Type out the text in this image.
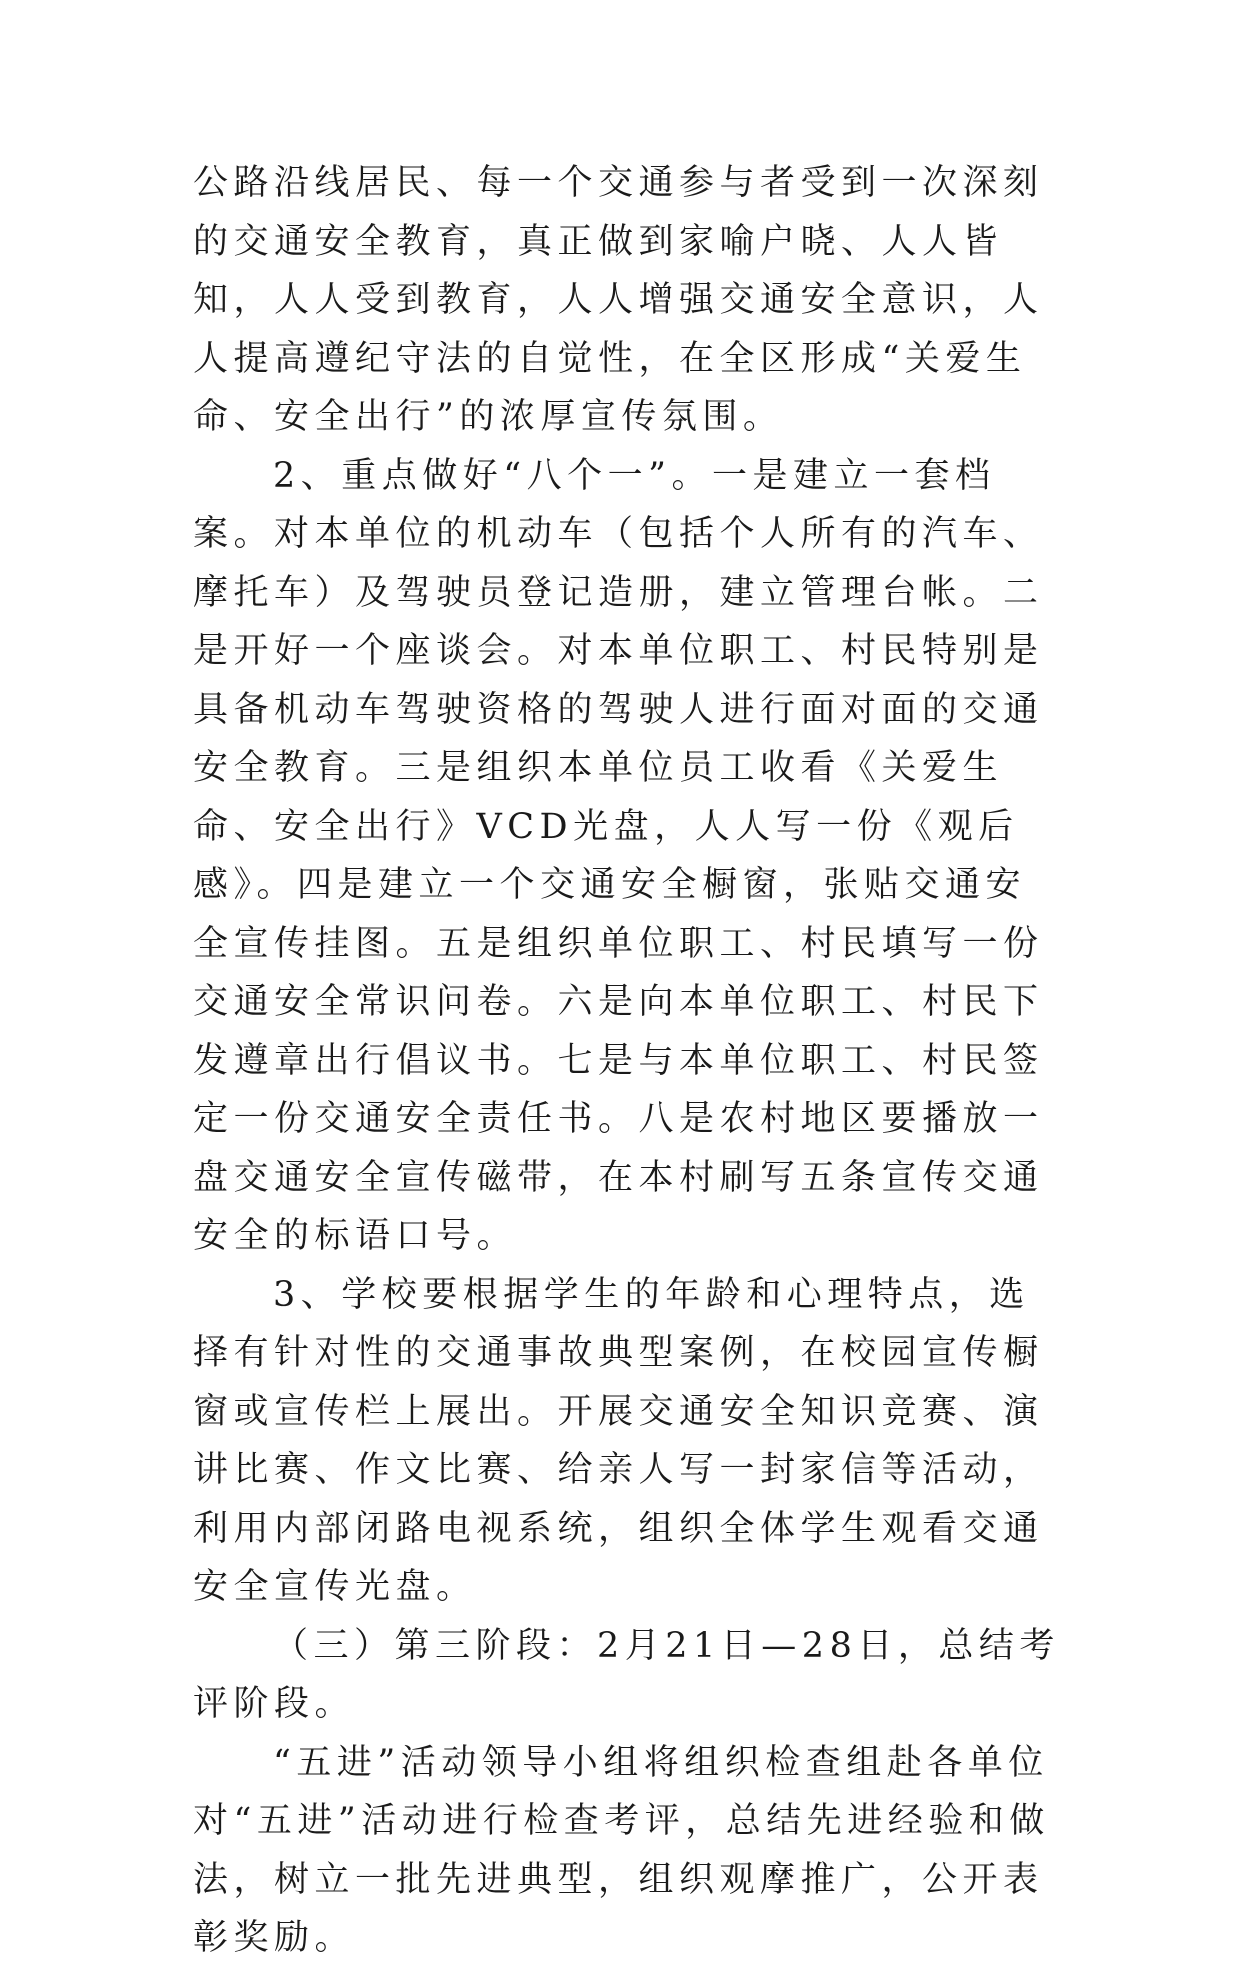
公路沿线居民、每一个交通参与者受到一次深刻的交通安全教育，真正做到家喻户晓、人人皆知，人人受到教育，人人增强交通安全意识，人人提高遵纪守法的自觉性，在全区形成“关爱生命、安全出行”的浓厚宣传氛围。

2、重点做好“八个一”。一是建立一套档案。对本单位的机动车（包括个人所有的汽车、摩托车）及驾驶员登记造册，建立管理台帐。二是开好一个座谈会。对本单位职工、村民特别是具备机动车驾驶资格的驾驶人进行面对面的交通安全教育。三是组织本单位员工收看《关爱生命、安全出行》VCD光盘，人人写一份《观后感》。四是建立一个交通安全橱窗，张贴交通安全宣传挂图。五是组织单位职工、村民填写一份交通安全常识问卷。六是向本单位职工、村民下发遵章出行倡议书。七是与本单位职工、村民签定一份交通安全责任书。八是农村地区要播放一盘交通安全宣传磁带，在本村刷写五条宣传交通安全的标语口号。

3、学校要根据学生的年龄和心理特点，选择有针对性的交通事故典型案例，在校园宣传橱窗或宣传栏上展出。开展交通安全知识竞赛、演讲比赛、作文比赛、给亲人写一封家信等活动，利用内部闭路电视系统，组织全体学生观看交通安全宣传光盘。

（三）第三阶段：2月21日—28日，总结考评阶段。

“五进”活动领导小组将组织检查组赴各单位对“五进”活动进行检查考评，总结先进经验和做法，树立一批先进典型，组织观摩推广，公开表彰奖励。
